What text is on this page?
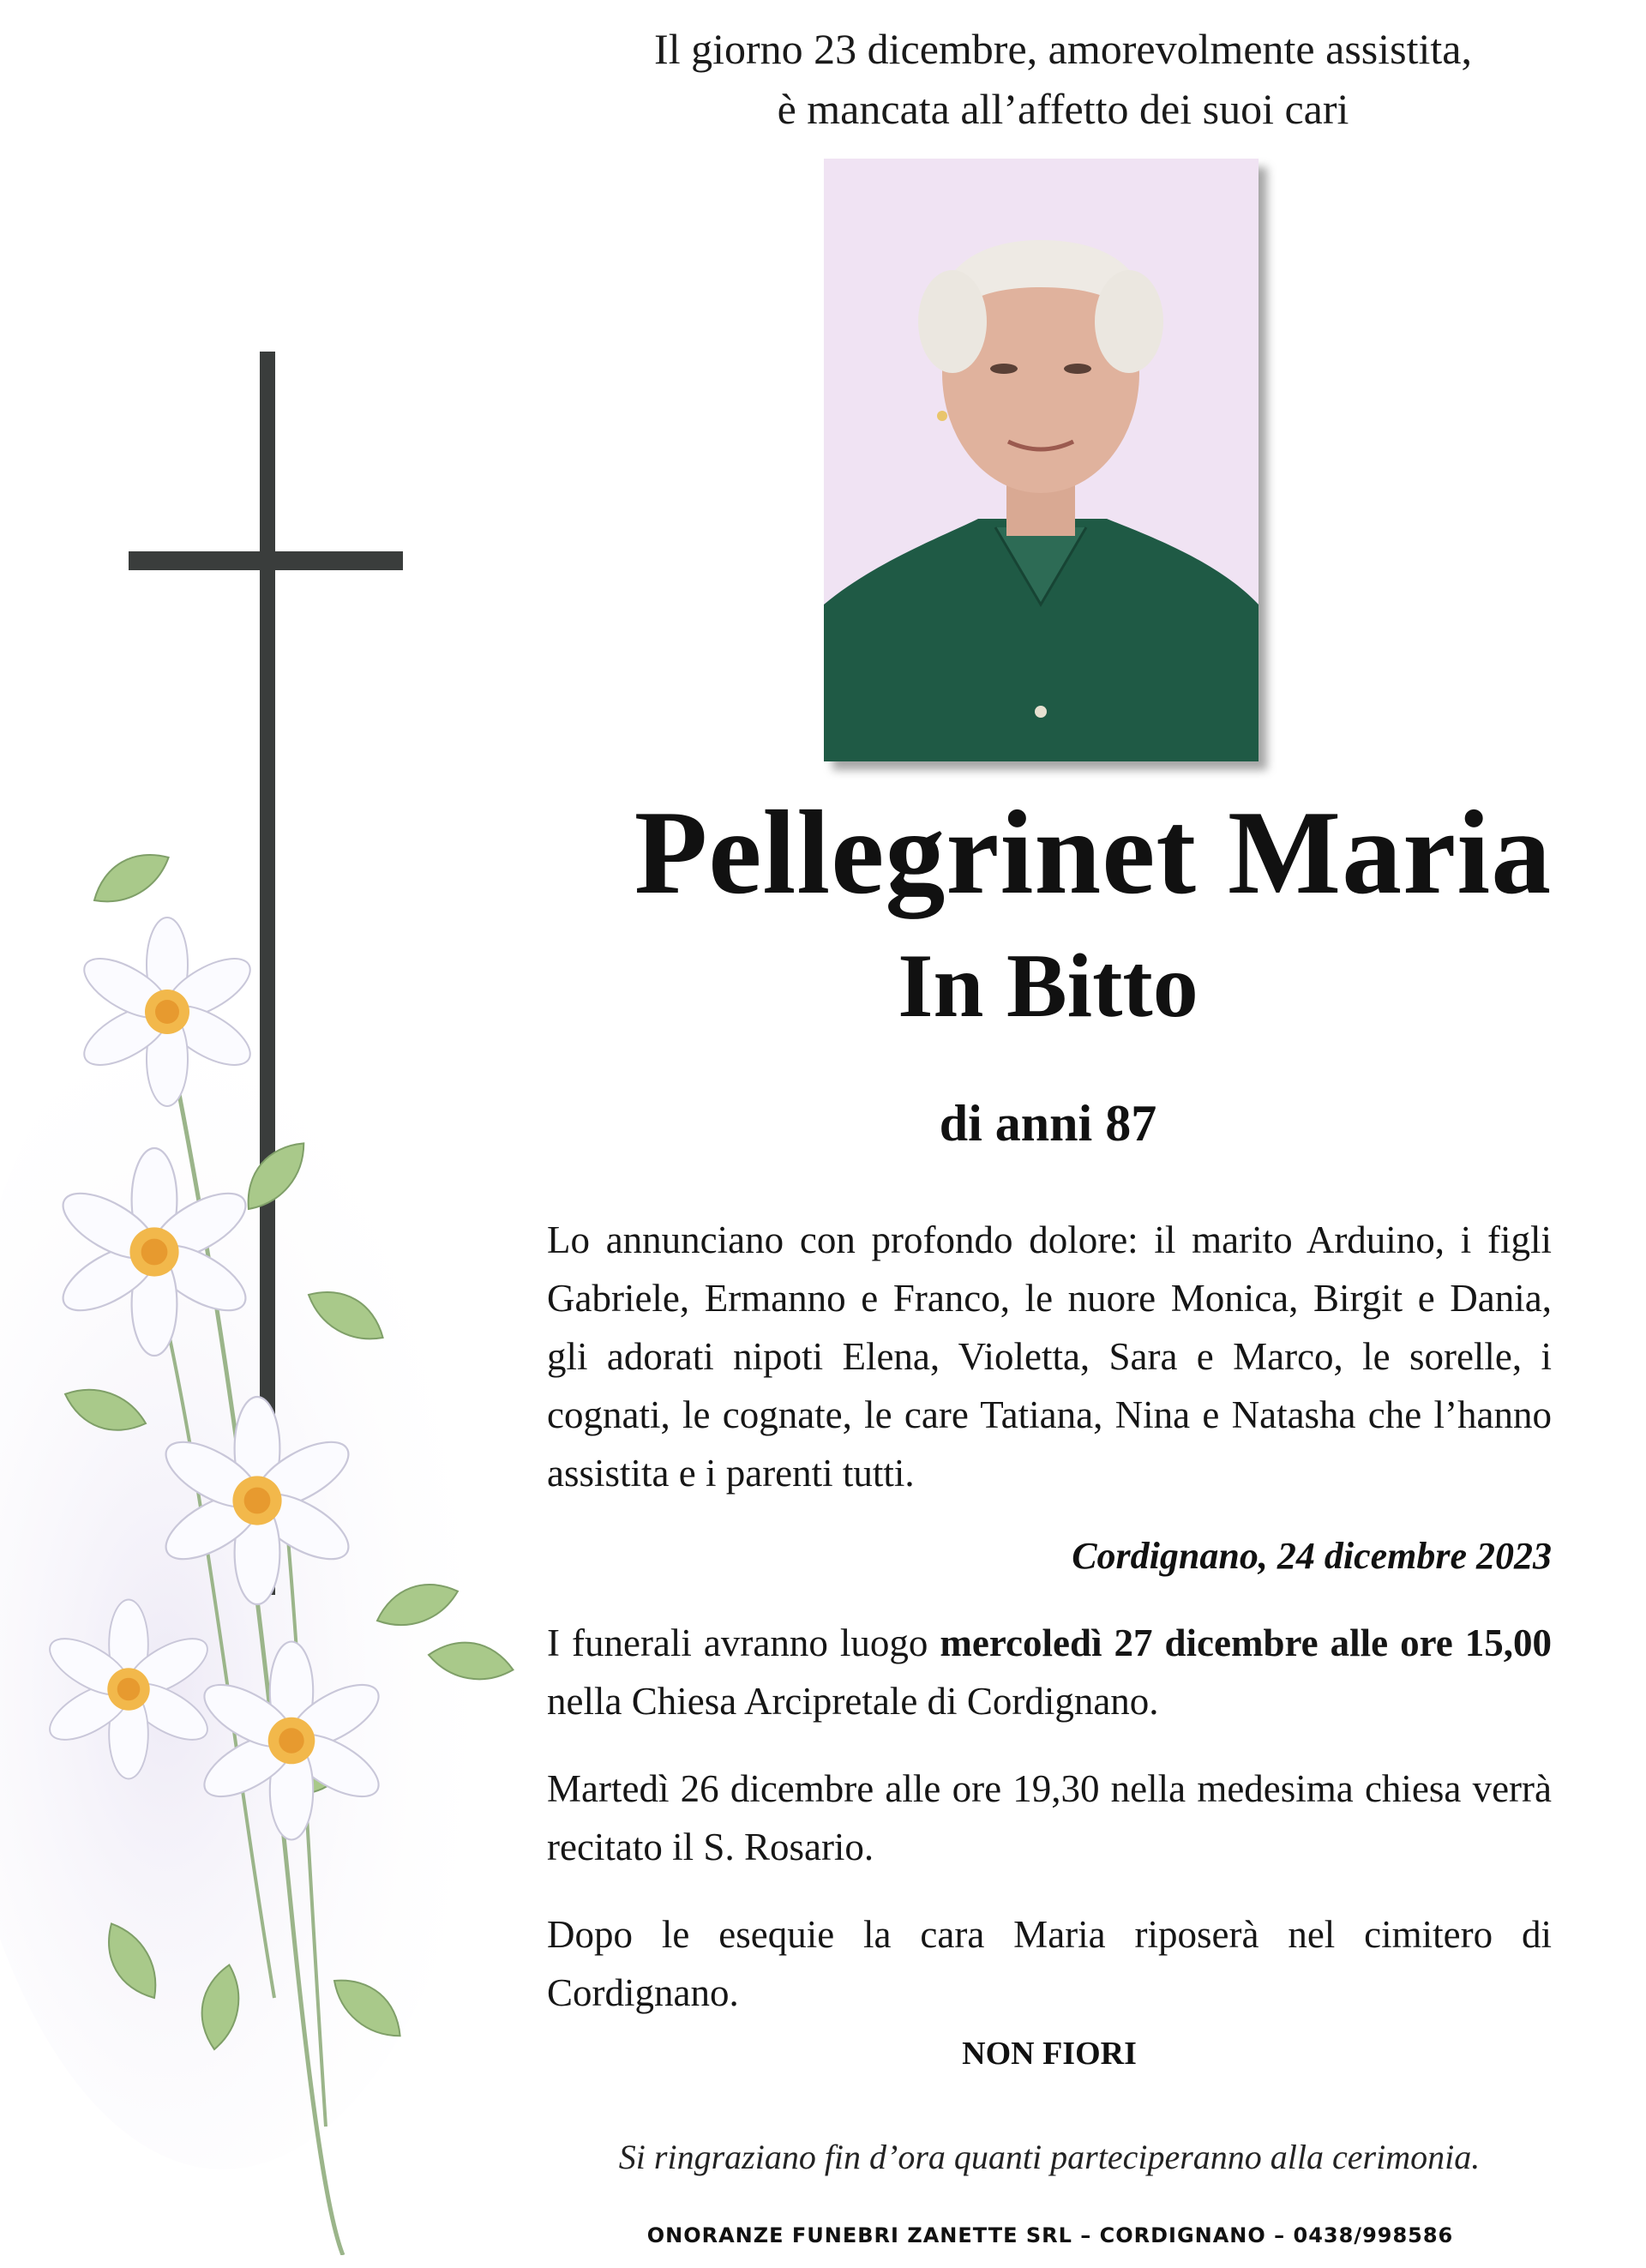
Il giorno 23 dicembre, amorevolmente assistita,
è mancata all’affetto dei suoi cari
Pellegrinet Maria
In Bitto
di anni 87
Lo annunciano con profondo dolore: il marito Arduino, i figli Gabriele, Ermanno e Franco, le nuore Monica, Birgit e Dania, gli adorati nipoti Elena, Violetta, Sara e Marco, le sorelle, i cognati, le cognate, le care Tatiana, Nina e Natasha che l’hanno assistita e i parenti tutti.
Cordignano, 24 dicembre 2023
I funerali avranno luogo mercoledì 27 dicembre alle ore 15,00 nella Chiesa Arcipretale di Cordignano.
Martedì 26 dicembre alle ore 19,30 nella medesima chiesa verrà recitato il S. Rosario.
Dopo le esequie la cara Maria riposerà nel cimitero di Cordignano.
NON FIORI
Si ringraziano fin d’ora quanti parteciperanno alla cerimonia.
ONORANZE FUNEBRI ZANETTE SRL – CORDIGNANO – 0438/998586
